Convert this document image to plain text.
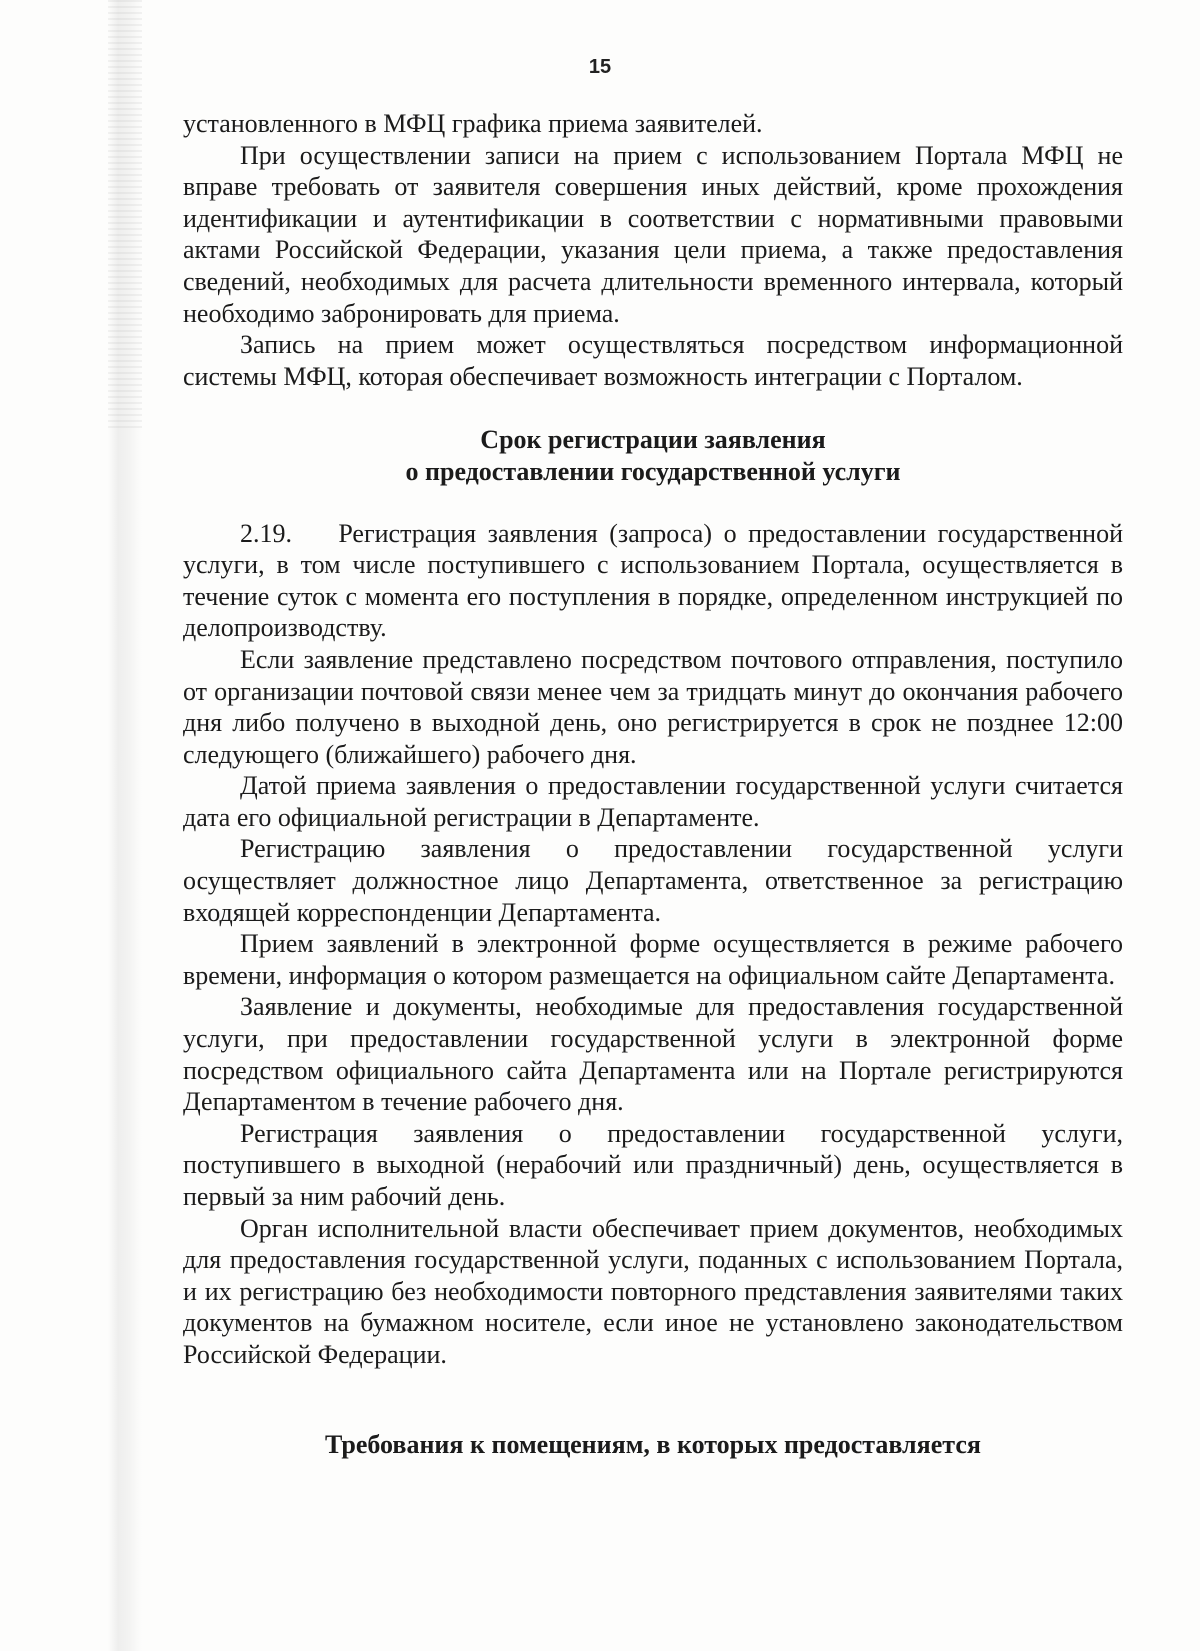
15

установленного в МФЦ графика приема заявителей.

При осуществлении записи на прием с использованием Портала МФЦ не вправе требовать от заявителя совершения иных действий, кроме прохождения идентификации и аутентификации в соответствии с нормативными правовыми актами Российской Федерации, указания цели приема, а также предоставления сведений, необходимых для расчета длительности временного интервала, который необходимо забронировать для приема.

Запись на прием может осуществляться посредством информационной системы МФЦ, которая обеспечивает возможность интеграции с Порталом.

Срок регистрации заявления
о предоставлении государственной услуги

2.19.    Регистрация заявления (запроса) о предоставлении государственной услуги, в том числе поступившего с использованием Портала, осуществляется в течение суток с момента его поступления в порядке, определенном инструкцией по делопроизводству.

Если заявление представлено посредством почтового отправления, поступило от организации почтовой связи менее чем за тридцать минут до окончания рабочего дня либо получено в выходной день, оно регистрируется в срок не позднее 12:00 следующего (ближайшего) рабочего дня.

Датой приема заявления о предоставлении государственной услуги считается дата его официальной регистрации в Департаменте.

Регистрацию заявления о предоставлении государственной услуги осуществляет должностное лицо Департамента, ответственное за регистрацию входящей корреспонденции Департамента.

Прием заявлений в электронной форме осуществляется в режиме рабочего времени, информация о котором размещается на официальном сайте Департамента.

Заявление и документы, необходимые для предоставления государственной услуги, при предоставлении государственной услуги в электронной форме посредством официального сайта Департамента или на Портале регистрируются Департаментом в течение рабочего дня.

Регистрация заявления о предоставлении государственной услуги, поступившего в выходной (нерабочий или праздничный) день, осуществляется в первый за ним рабочий день.

Орган исполнительной власти обеспечивает прием документов, необходимых для предоставления государственной услуги, поданных с использованием Портала, и их регистрацию без необходимости повторного представления заявителями таких документов на бумажном носителе, если иное не установлено законодательством Российской Федерации.

Требования к помещениям, в которых предоставляется
